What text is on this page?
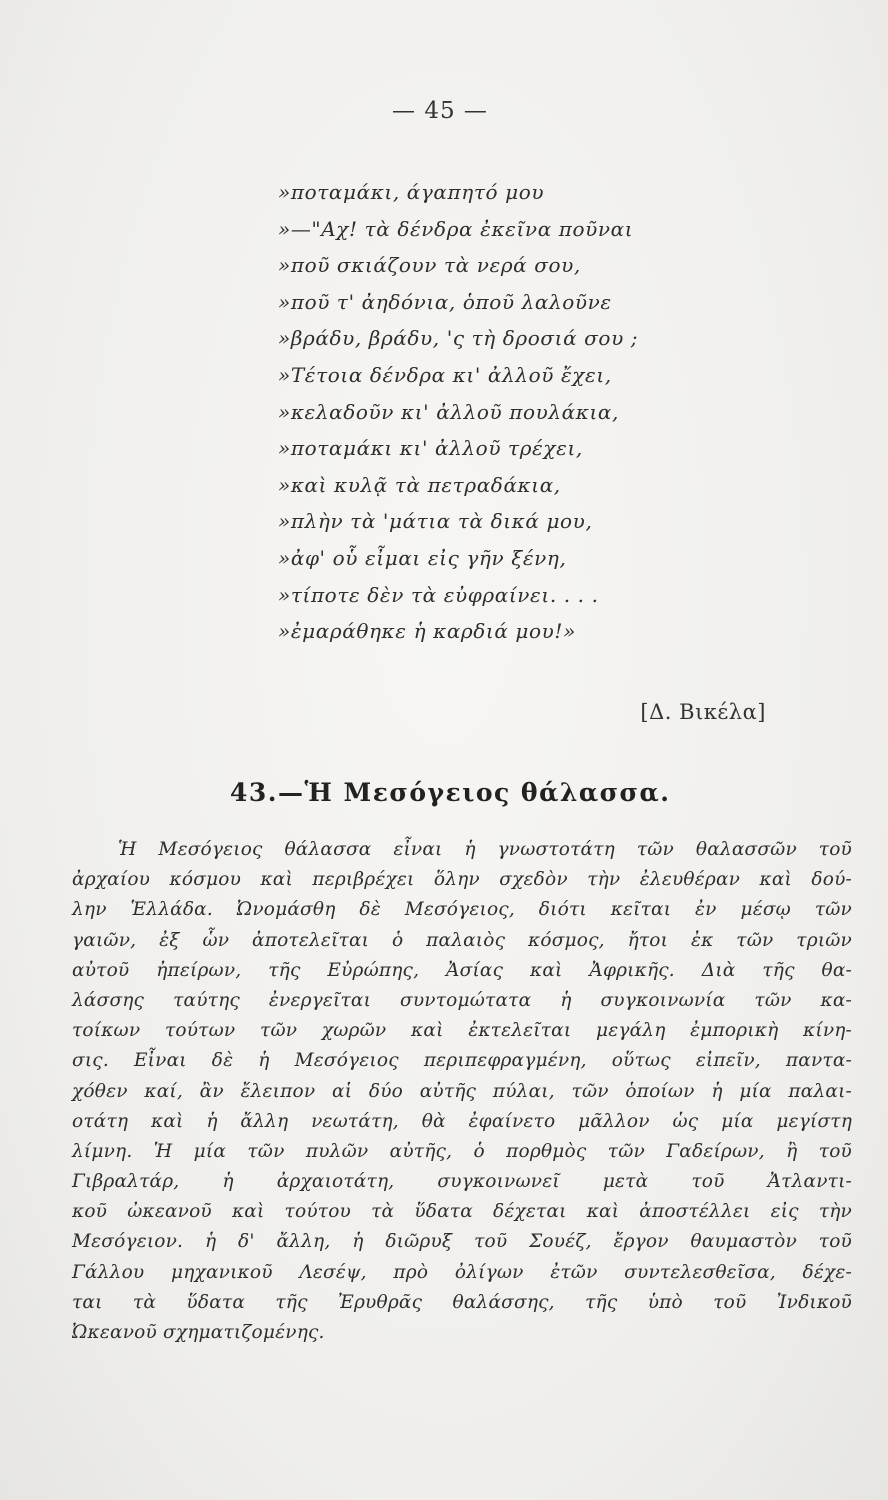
— 45 —
»ποταμάκι, άγαπητό μου
»—"Αχ! τὰ δένδρα ἐκεῖνα ποῦναι
»ποῦ σκιάζουν τὰ νερά σου,
»ποῦ τ' ἀηδόνια, ὁποῦ λαλοῦνε
»βράδυ, βράδυ, 'ς τὴ δροσιά σου ;
»Τέτοια δένδρα κι' ἀλλοῦ ἔχει,
»κελαδοῦν κι' ἀλλοῦ πουλάκια,
»ποταμάκι κι' ἀλλοῦ τρέχει,
»καὶ κυλᾷ τὰ πετραδάκια,
»πλὴν τὰ 'μάτια τὰ δικά μου,
»ἀφ' οὗ εἶμαι εἰς γῆν ξένη,
»τίποτε δὲν τὰ εὐφραίνει. . . .
»ἐμαράθηκε ἡ καρδιά μου!»
[Δ. Βικέλα]
43.—Ἡ Μεσόγειος θάλασσα.
Ἡ Μεσόγειος θάλασσα εἶναι ἡ γνωστοτάτη τῶν θαλασσῶν τοῦ
ἀρχαίου κόσμου καὶ περιβρέχει ὅλην σχεδὸν τὴν ἐλευθέραν καὶ δού-
λην Ἑλλάδα. Ὠνομάσθη δὲ Μεσόγειος, διότι κεῖται ἐν μέσῳ τῶν
γαιῶν, ἐξ ὧν ἀποτελεῖται ὁ παλαιὸς κόσμος, ἤτοι ἐκ τῶν τριῶν
αὐτοῦ ἠπείρων, τῆς Εὐρώπης, Ἀσίας καὶ Ἀφρικῆς. Διὰ τῆς θα-
λάσσης ταύτης ἐνεργεῖται συντομώτατα ἡ συγκοινωνία τῶν κα-
τοίκων τούτων τῶν χωρῶν καὶ ἐκτελεῖται μεγάλη ἐμπορικὴ κίνη-
σις. Εἶναι δὲ ἡ Μεσόγειος περιπεφραγμένη, οὕτως εἰπεῖν, παντα-
χόθεν καί, ἂν ἔλειπον αἱ δύο αὐτῆς πύλαι, τῶν ὁποίων ἡ μία παλαι-
οτάτη καὶ ἡ ἄλλη νεωτάτη, θὰ ἐφαίνετο μᾶλλον ὡς μία μεγίστη
λίμνη. Ἡ μία τῶν πυλῶν αὐτῆς, ὁ πορθμὸς τῶν Γαδείρων, ἢ τοῦ
Γιβραλτάρ, ἡ ἀρχαιοτάτη, συγκοινωνεῖ μετὰ τοῦ Ἀτλαντι-
κοῦ ὠκεανοῦ καὶ τούτου τὰ ὕδατα δέχεται καὶ ἀποστέλλει εἰς τὴν
Μεσόγειον. ἡ δ' ἄλλη, ἡ διῶρυξ τοῦ Σουέζ, ἔργον θαυμαστὸν τοῦ
Γάλλου μηχανικοῦ Λεσέψ, πρὸ ὀλίγων ἐτῶν συντελεσθεῖσα, δέχε-
ται τὰ ὕδατα τῆς Ἐρυθρᾶς θαλάσσης, τῆς ὑπὸ τοῦ Ἰνδικοῦ
Ὠκεανοῦ σχηματιζομένης.
